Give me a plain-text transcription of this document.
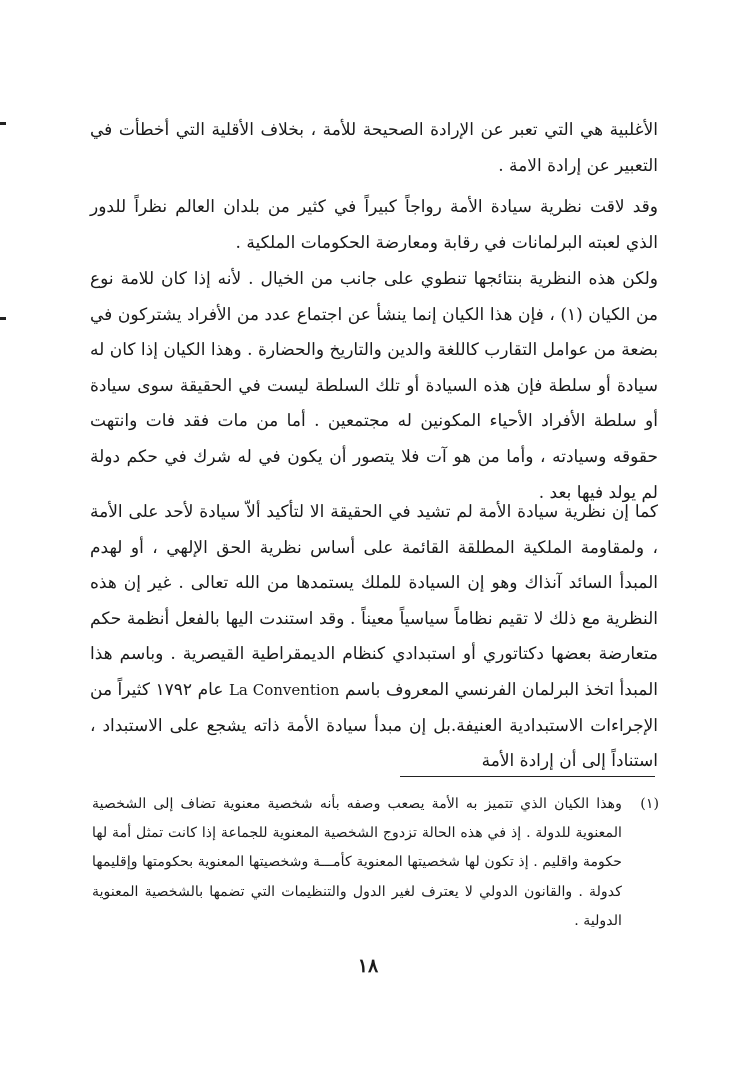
الأغلبية هي التي تعبر عن الإرادة الصحيحة للأمة ، بخلاف الأقلية التي أخطأت في التعبير عن إرادة الامة .

وقد لاقت نظرية سيادة الأمة رواجاً كبيراً في كثير من بلدان العالم نظراً للدور الذي لعبته البرلمانات في رقابة ومعارضة الحكومات الملكية .

ولكن هذه النظرية بنتائجها تنطوي على جانب من الخيال . لأنه إذا كان للامة نوع من الكيان (١) ، فإن هذا الكيان إنما ينشأ عن اجتماع عدد من الأفراد يشتركون في بضعة من عوامل التقارب كاللغة والدين والتاريخ والحضارة . وهذا الكيان إذا كان له سيادة أو سلطة فإن هذه السيادة أو تلك السلطة ليست في الحقيقة سوى سيادة أو سلطة الأفراد الأحياء المكونين له مجتمعين . أما من مات فقد فات وانتهت حقوقه وسيادته ، وأما من هو آت فلا يتصور أن يكون في له شرك في حكم دولة لم يولد فيها بعد .

كما إن نظرية سيادة الأمة لم تشيد في الحقيقة الا لتأكيد ألاّ سيادة لأحد على الأمة ، ولمقاومة الملكية المطلقة القائمة على أساس نظرية الحق الإلهي ، أو لهدم المبدأ السائد آنذاك وهو إن السيادة للملك يستمدها من الله تعالى . غير إن هذه النظرية مع ذلك لا تقيم نظاماً سياسياً معيناً . وقد استندت اليها بالفعل أنظمة حكم متعارضة بعضها دكتاتوري أو استبدادي كنظام الديمقراطية القيصرية . وباسم هذا المبدأ اتخذ البرلمان الفرنسي المعروف باسم La Convention عام ١٧٩٢ كثيراً من الإجراءات الاستبدادية العنيفة.بل إن مبدأ سيادة الأمة ذاته يشجع على الاستبداد ، استناداً إلى أن إرادة الأمة

(١)
وهذا الكيان الذي تتميز به الأمة يصعب وصفه بأنه شخصية معنوية تضاف إلى الشخصية المعنوية للدولة . إذ في هذه الحالة تزدوج الشخصية المعنوية للجماعة إذا كانت تمثل أمة لها حكومة واقليم . إذ تكون لها شخصيتها المعنوية كأمـــة وشخصيتها المعنوية بحكومتها وإقليمها كدولة . والقانون الدولي لا يعترف لغير الدول والتنظيمات التي تضمها بالشخصية المعنوية الدولية .
١٨
